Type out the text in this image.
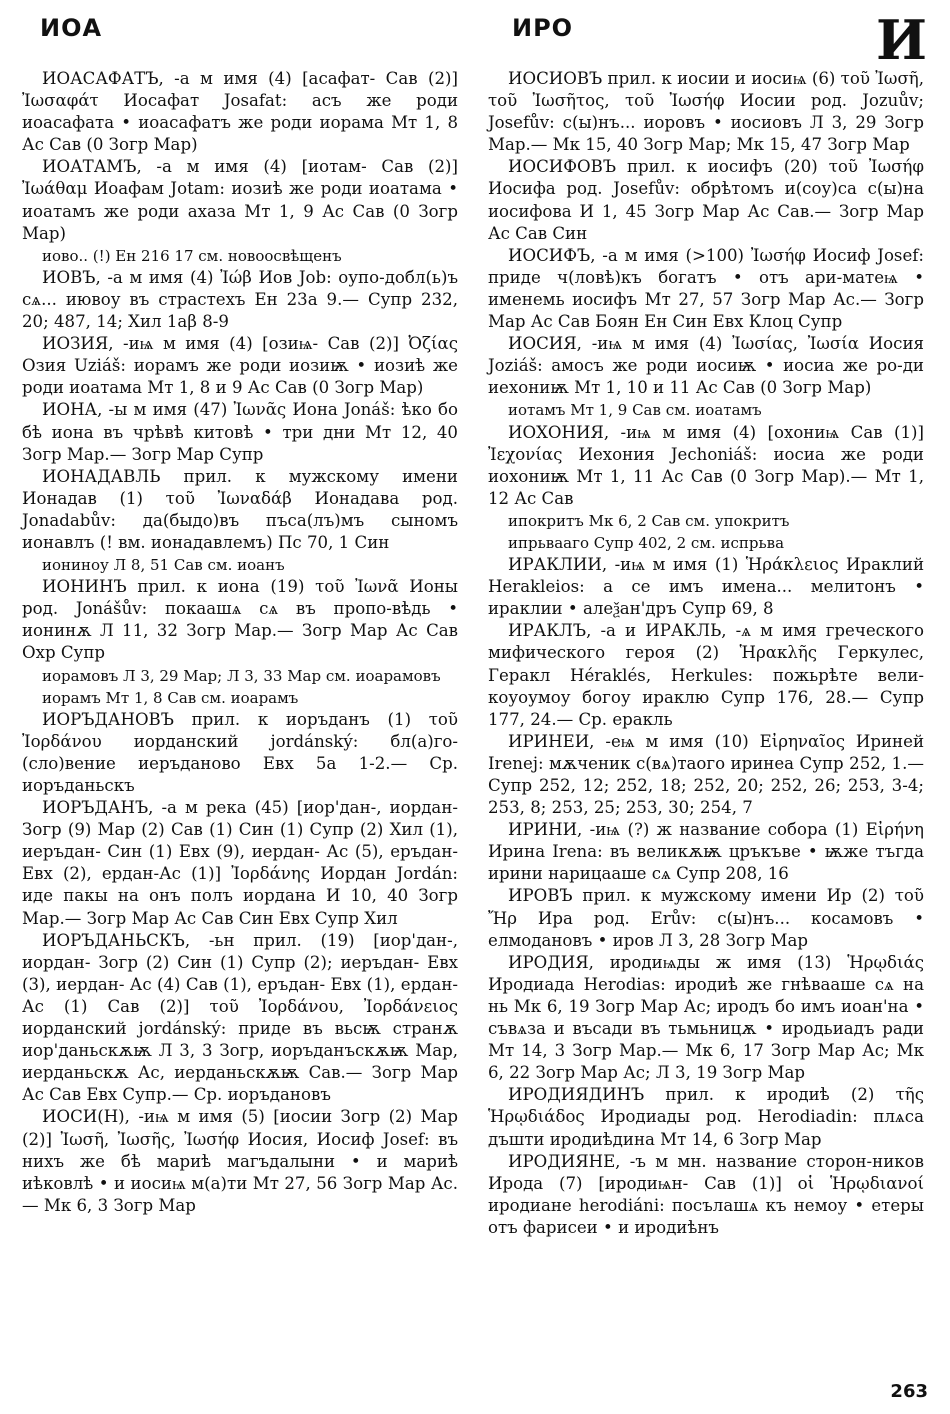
ИОА	ИРО	И

ИОАСАФАТЪ, -а м имя (4) [асафат- Сав (2)] Ἰωσαφάτ Иосафат Josafat: асъ же роди иоасафата • иоасафатъ же роди иорама Мт 1, 8 Ас Сав (0 Зогр Мар)

ИОАТАМЪ, -а м имя (4) [иотам- Сав (2)] Ἰωάθαμ Иоафам Jotam: иозиѣ же роди иоатама • иоатамъ же роди ахаза Мт 1, 9 Ас Сав (0 Зогр Мар)

иово.. (!) Ен 216 17 см. новоосвѣщенъ

ИОВЪ, -а м имя (4) Ἰώβ Иов Job: оупо-добл(ь)ъ сѧ... иювоу въ страстехъ Ен 23а 9.— Супр 232, 20; 487, 14; Хил 1аβ 8-9

ИОЗИЯ, -иѩ м имя (4) [озиѩ- Сав (2)] Ὀζίας Озия Uziáš: иорамъ же роди иозиѭ • иозиѣ же роди иоатама Мт 1, 8 и 9 Ас Сав (0 Зогр Мар)

ИОНА, -ы м имя (47) Ἰωνᾶς Иона Jonáš: ѣко бо бѣ иона въ чрѣвѣ китовѣ • три дни Мт 12, 40 Зогр Мар.— Зогр Мар Супр

ИОНАДАВЛЬ прил. к мужскому имени Ионадав (1) τοῦ Ἰωναδάβ Ионадава род. Jonadabův: да(быдо)въ пъса(лъ)мъ сыномъ ионавлъ (! вм. ионадавлемъ) Пс 70, 1 Син

иониноу Л 8, 51 Сав см. иоанъ

ИОНИНЪ прил. к иона (19) τοῦ Ἰωνᾶ Ионы род. Jonášův: покаашѧ сѧ въ пропо-вѣдь • ионинѫ Л 11, 32 Зогр Мар.— Зогр Мар Ас Сав Охр Супр

иорамовъ Л 3, 29 Мар; Л 3, 33 Мар см. иоарамовъ

иорамъ Мт 1, 8 Сав см. иоарамъ

ИОРЪДАНОВЪ прил. к иоръданъ (1) τοῦ Ἰορδάνου иорданский jordánský: бл(а)го-(сло)вение иеръданово Евх 5а 1-2.— Ср. иоръданьскъ

ИОРЪДАНЪ, -а м река (45) [иор'дан-, иордан- Зогр (9) Мар (2) Сав (1) Син (1) Супр (2) Хил (1), иеръдан- Син (1) Евх (9), иердан- Ас (5), еръдан- Евх (2), ердан-Ас (1)] Ἰορδάνης Иордан Jordán: иде пакы на онъ полъ иордана И 10, 40 Зогр Мар.— Зогр Мар Ас Сав Син Евх Супр Хил

ИОРЪДАНЬСКЪ, -ьн прил. (19) [иор'дан-, иордан- Зогр (2) Син (1) Супр (2); иеръдан- Евх (3), иердан- Ас (4) Сав (1), еръдан- Евх (1), ердан- Ас (1) Сав (2)] τοῦ Ἰορδάνου, Ἰορδάνειος иорданский jordánský: приде въ вьсѭ странѫ иор'даньскѫѭ Л 3, 3 Зогр, иоръданъскѫѭ Мар, иерданьскѫ Ас, иерданьскѫѭ Сав.— Зогр Мар Ас Сав Евх Супр.— Ср. иоръдановъ

ИОСИ(Н), -иѩ м имя (5) [иосии Зогр (2) Мар (2)] Ἰωσῆ, Ἰωσῆς, Ἰωσήφ Иосия, Иосиф Josef: въ нихъ же бѣ мариѣ магъдалыни • и мариѣ иѣковлѣ • и иосиѩ м(а)ти Мт 27, 56 Зогр Мар Ас.— Мк 6, 3 Зогр Мар

ИОСИОВЪ прил. к иосии и иосиѩ (6) τοῦ Ἰωσῆ, τοῦ Ἰωσῆτος, τοῦ Ἰωσήφ Иосии род. Jozuův; Josefův: с(ы)нъ... иоровъ • иосиовъ Л 3, 29 Зогр Мар.— Мк 15, 40 Зогр Мар; Мк 15, 47 Зогр Мар

ИОСИФОВЪ прил. к иосифъ (20) τοῦ Ἰωσήφ Иосифа род. Josefův: обрѣтомъ и(соу)са с(ы)на иосифова И 1, 45 Зогр Мар Ас Сав.— Зогр Мар Ас Сав Син

ИОСИФЪ, -а м имя (>100) Ἰωσήφ Иосиф Josef: приде ч(ловѣ)къ богатъ • отъ ари-матеѩ • именемь иосифъ Мт 27, 57 Зогр Мар Ас.— Зогр Мар Ас Сав Боян Ен Син Евх Клоц Супр

ИОСИЯ, -иѩ м имя (4) Ἰωσίας, Ἰωσία Иосия Joziáš: амосъ же роди иосиѭ • иосиа же ро-ди иехониѭ Мт 1, 10 и 11 Ас Сав (0 Зогр Мар)

иотамъ Мт 1, 9 Сав см. иоатамъ

ИОХОНИЯ, -иѩ м имя (4) [охониѩ Сав (1)] Ἰεχονίας Иехония Jechoniáš: иосиа же роди иохониѭ Мт 1, 11 Ас Сав (0 Зогр Мар).— Мт 1, 12 Ас Сав

ипокритъ Мк 6, 2 Сав см. упокритъ

ипрьвааго Супр 402, 2 см. испрьва

ИРАКЛИИ, -иѩ м имя (1) Ἡράκλειος Ираклий Herakleios: а се имъ имена... мелитонъ • ираклии • алеѯан'дръ Супр 69, 8

ИРАКЛЪ, -а и ИРАКЛЬ, -ѧ м имя греческого мифического героя (2) Ἡρακλῆς Геркулес, Геракл Héraklés, Herkules: пожьрѣте вели-коуоумоу богоу ираклю Супр 176, 28.— Супр 177, 24.— Ср. еракль

ИРИНЕИ, -еѩ м имя (10) Εἰρηναῖος Ириней Irenej: мѫченик с(вѧ)таого иринеа Супр 252, 1.— Супр 252, 12; 252, 18; 252, 20; 252, 26; 253, 3-4; 253, 8; 253, 25; 253, 30; 254, 7

ИРИНИ, -иѩ (?) ж название собора (1) Εἰρήνη Ирина Irena: въ великѫѭ цръкъве • ѭже тъгда ирини нарицааше сѧ Супр 208, 16

ИРОВЪ прил. к мужскому имени Ир (2) τοῦ Ἤρ Ира род. Erův: с(ы)нъ... косамовъ • елмодановъ • иров Л 3, 28 Зогр Мар

ИРОДИЯ, иродиѩды ж имя (13) Ἡρῳδιάς Иродиада Herodias: иродиѣ же гнѣвааше сѧ на нь Мк 6, 19 Зогр Мар Ас; иродъ бо имъ иоан'на • съвѧза и въсади въ тьмьницѫ • иродьиадъ ради Мт 14, 3 Зогр Мар.— Мк 6, 17 Зогр Мар Ас; Мк 6, 22 Зогр Мар Ас; Л 3, 19 Зогр Мар

ИРОДИЯДИНЪ прил. к иродиѣ (2) τῆς Ἡρῳδιάδος Иродиады род. Herodiadin: плѧса дъшти иродиѣдина Мт 14, 6 Зогр Мар

ИРОДИЯНЕ, -ъ м мн. название сторон-ников Ирода (7) [иродиѩн- Сав (1)] οἱ Ἡρῳδιανοί иродиане herodiáni: посълашѧ къ немоу • етеры отъ фарисеи • и иродиѣнъ

263
